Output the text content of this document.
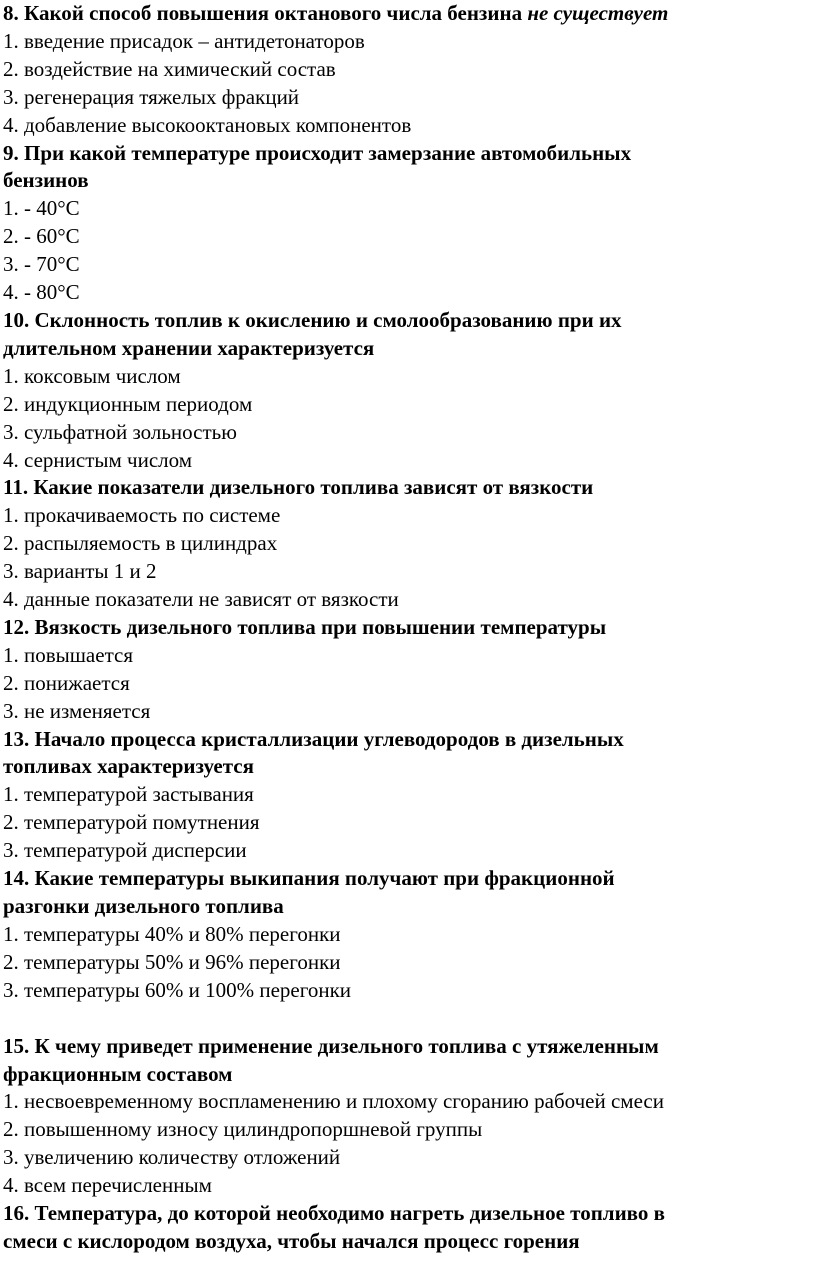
8. Какой способ повышения октанового числа бензина не существует
1. введение присадок – антидетонаторов
2. воздействие на химический состав
3. регенерация тяжелых фракций
4. добавление высокооктановых компонентов
9. При какой температуре происходит замерзание автомобильных
бензинов
1. - 40°С
2. - 60°С
3. - 70°С
4. - 80°С
10. Склонность топлив к окислению и смолообразованию при их
длительном хранении характеризуется
1. коксовым числом
2. индукционным периодом
3. сульфатной зольностью
4. сернистым числом
11. Какие показатели дизельного топлива зависят от вязкости
1. прокачиваемость по системе
2. распыляемость в цилиндрах
3. варианты 1 и 2
4. данные показатели не зависят от вязкости
12. Вязкость дизельного топлива при повышении температуры
1. повышается
2. понижается
3. не изменяется
13. Начало процесса кристаллизации углеводородов в дизельных
топливах характеризуется
1. температурой застывания
2. температурой помутнения
3. температурой дисперсии
14. Какие температуры выкипания получают при фракционной
разгонки дизельного топлива
1. температуры 40% и 80% перегонки
2. температуры 50% и 96% перегонки
3. температуры 60% и 100% перегонки
15. К чему приведет применение дизельного топлива с утяжеленным
фракционным составом
1. несвоевременному воспламенению и плохому сгоранию рабочей смеси
2. повышенному износу цилиндропоршневой группы
3. увеличению количеству отложений
4. всем перечисленным
16. Температура, до которой необходимо нагреть дизельное топливо в
смеси с кислородом воздуха, чтобы начался процесс горения
